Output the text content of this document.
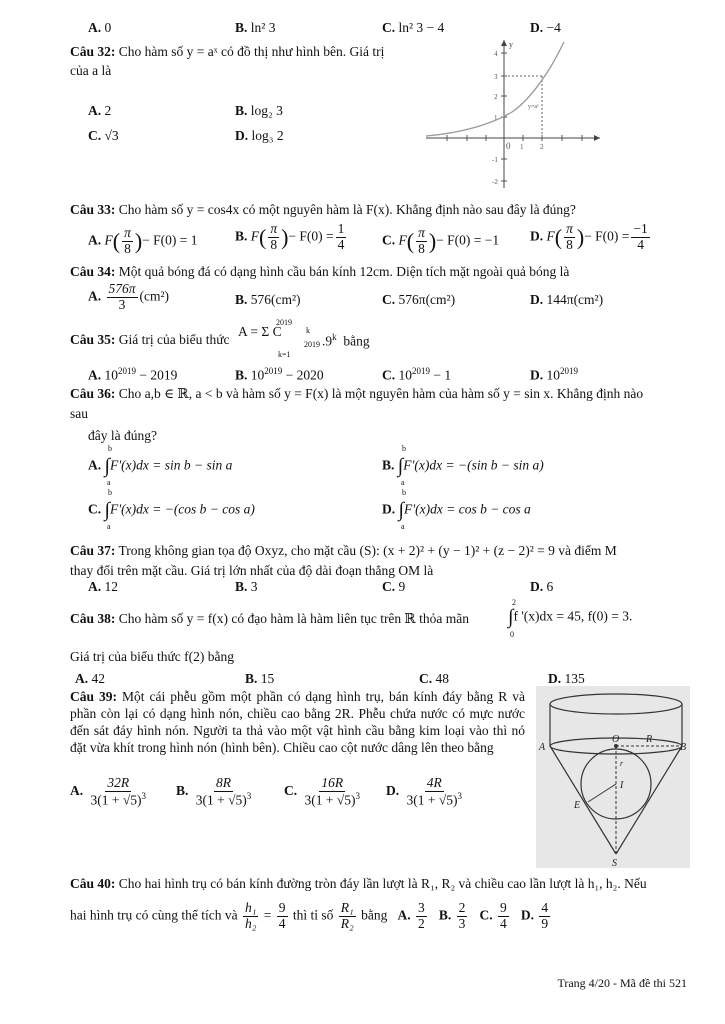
A. 0	B. ln² 3	C. ln² 3 − 4	D. −4
Câu 32: Cho hàm số y = aˣ có đồ thị như hình bên. Giá trị
của a là
A. 2	B. log₂ 3
C. √3	D. log₃ 2
y
4
3
2
1
-1
-2
0 1 2
y=aˣ
Câu 33: Cho hàm số y = cos4x có một nguyên hàm là F(x). Khẳng định nào sau đây là đúng?
A. $F( \frac{\pi}{8}$ )− F(0) = 1	B. $F( \frac{\pi}{8}$ )− $F(0) = \frac{1}{4}$	C. $F( \frac{\pi}{8}$ )− F(0) = −1 D. $F( \frac{\pi}{8}$ )− $F(0) = \frac{-1}{4}$
Câu 34: Một quả bóng đá có dạng hình cầu bán kính 12cm. Diện tích mặt ngoài quả bóng là
A. $\frac{576\pi}{3} (cm^2)$	B. 576(cm²)	C. 576π(cm²)	D. 144π(cm²)
Câu 35: Giá trị của biểu thức
A = Σ C
2019
k=1
k
2019 .9$^k$ bằng
A. $10^{2019} - 2019$	B. $10^{2019} - 2020$	C. $10^{2019} - 1$	D. $10^{2019}$
Câu 36: Cho a,b ∈ ℝ, a < b và hàm số y = F(x) là một nguyên hàm của hàm số y = sin x. Khẳng định nào
sau
đây là đúng?
A. ∫F'(x)dx = sin b − sin a	B. ∫F'(x)dx = −(sin b − sin a)
C. ∫F'(x)dx = −(cos b − cos a)	D. ∫F'(x)dx = cos b − cos a
b
a
b
a
b
a
b
a
Câu 37: Trong không gian tọa độ Oxyz, cho mặt cầu (S): (x + 2)² + (y − 1)² + (z − 2)² = 9 và điểm M
thay đổi trên mặt cầu. Giá trị lớn nhất của độ dài đoạn thẳng OM là
A. 12	B. 3	C. 9	D. 6
Câu 38: Cho hàm số y = f(x) có đạo hàm là hàm liên tục trên ℝ thỏa mãn ∫f '(x)dx = 45, f(0) = 3.
2
0
Giá trị của biểu thức f(2) bằng
A. 42	B. 15	C. 48	D. 135
Câu 39: Một cái phễu gồm một phần có dạng hình trụ, bán kính đáy bằng R và phần còn lại có dạng hình nón, chiều cao bằng 2R. Phễu chứa nước có mực nước đến sát đáy hình nón. Người ta thả vào một vật hình cầu bằng kim loại vào thì nó đặt vừa khít trong hình nón (hình bên). Chiều cao cột nước dâng lên theo bằng
A. $\frac{32R}{3(1 + √5)^3} B$. $\frac{8R}{3(1 + √5)^3} C$. $\frac{16R}{3(1 + √5)^3} D$. $\frac{4R}{3(1 + √5)^3}$
A	B
O	R
I
E
S
r
Câu 40: Cho hai hình trụ có bán kính đường tròn đáy lần lượt là R₁, R₂ và chiều cao lần lượt là h₁, h₂. Nếu
hai hình trụ có cùng thể tích và $\frac{\text{h₁}}{\text{h₂}} = \frac{9}{4}$ thì tỉ số $\frac{\text{R₁}}{\text{R₂}}$ bằng A. $\frac{3}{2} B$. $\frac{2}{3} C$. $\frac{9}{4} D$. $\frac{4}{9}$
Trang 4/20 - Mã đề thi 521
